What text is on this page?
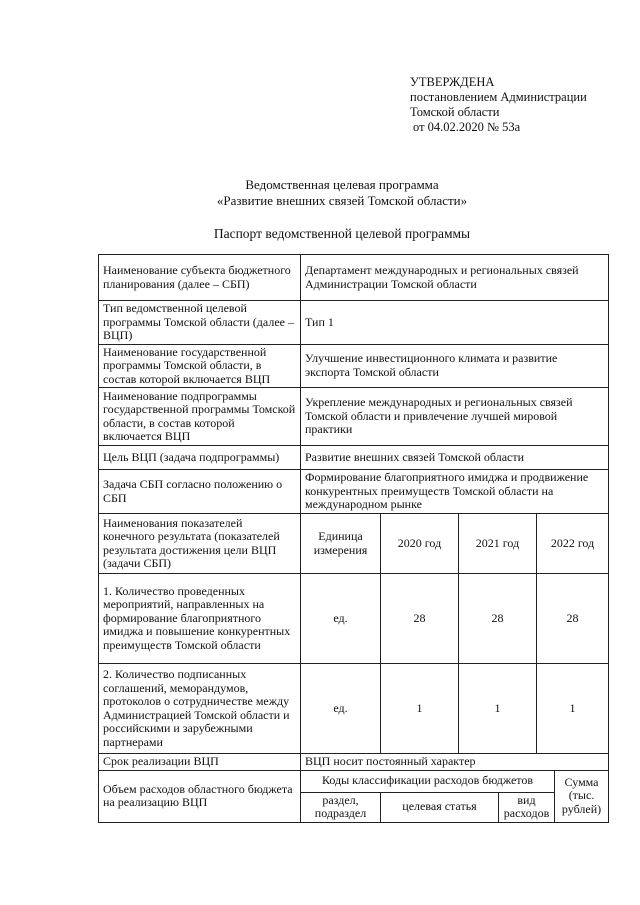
УТВЕРЖДЕНА
постановлением Администрации
Томской области
от 04.02.2020 № 53а
Ведомственная целевая программа
«Развитие внешних связей Томской области»
Паспорт ведомственной целевой программы
Наименование субъекта бюджетного планирования (далее – СБП)	Департамент международных и региональных связей Администрации Томской области					
Тип ведомственной целевой программы Томской области (далее – ВЦП)	Тип 1					
Наименование государственной программы Томской области, в состав которой включается ВЦП	Улучшение инвестиционного климата и развитие экспорта Томской области					
Наименование подпрограммы государственной программы Томской области, в состав которой включается ВЦП	Укрепление международных и региональных связей Томской области и привлечение лучшей мировой практики					
Цель ВЦП (задача подпрограммы)	Развитие внешних связей Томской области					
Задача СБП согласно положению о СБП	Формирование благоприятного имиджа и продвижение конкурентных преимуществ Томской области на международном рынке					
Наименования показателей конечного результата (показателей результата достижения цели ВЦП (задачи СБП)	Единица измерения	2020 год	2021 год		2022 год	
1. Количество проведенных мероприятий, направленных на формирование благоприятного имиджа и повышение конкурентных преимуществ Томской области	ед.	28	28		28	
2. Количество подписанных соглашений, меморандумов, протоколов о сотрудничестве между Администрацией Томской области и российскими и зарубежными партнерами	ед.	1	1		1	
Срок реализации ВЦП	ВЦП носит постоянный характер					
Объем расходов областного бюджета на реализацию ВЦП	Коды классификации расходов бюджетов					Сумма (тыс. рублей)
	раздел, подраздел	целевая статья		вид расходов		
